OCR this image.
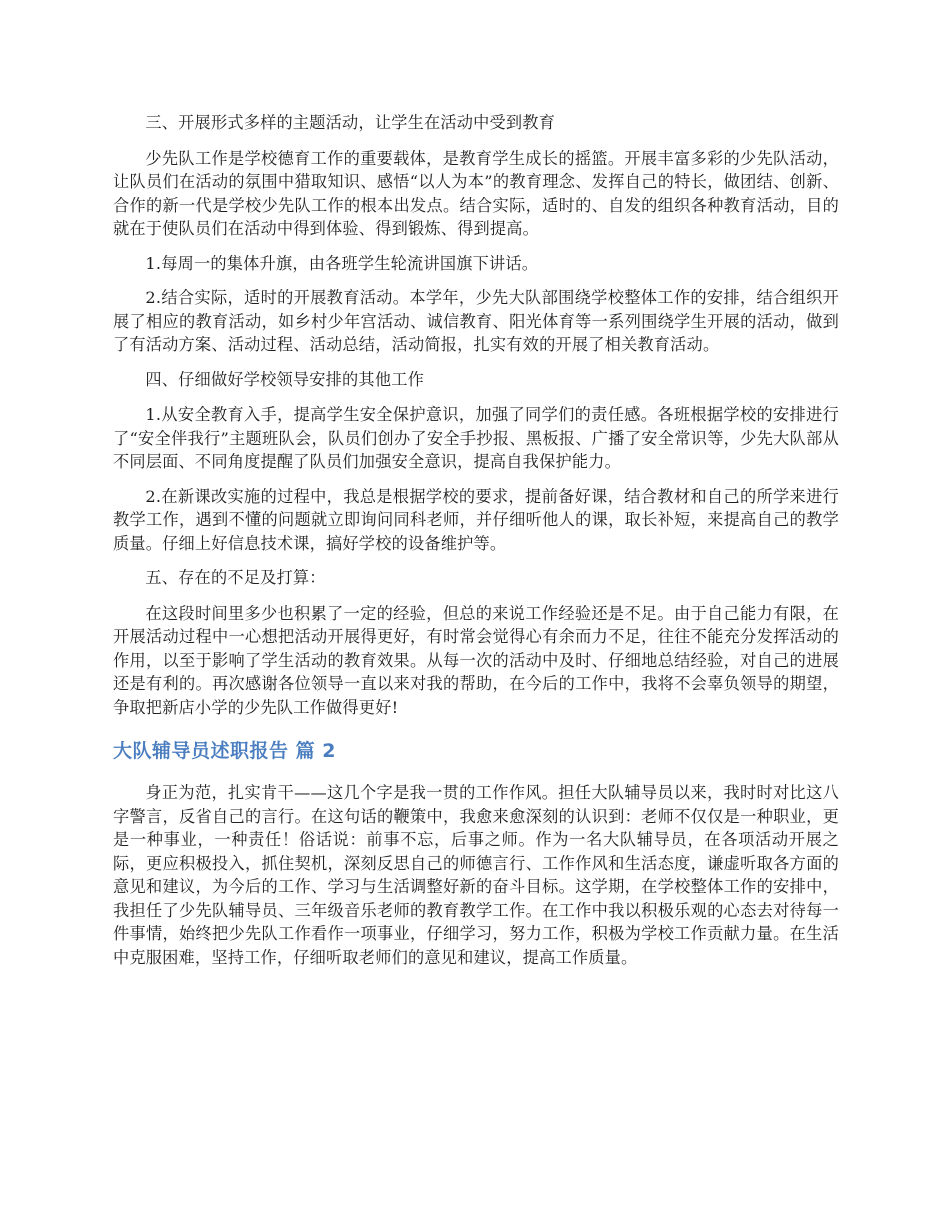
三、开展形式多样的主题活动，让学生在活动中受到教育

少先队工作是学校德育工作的重要载体，是教育学生成长的摇篮。开展丰富多彩的少先队活动，让队员们在活动的氛围中猎取知识、感悟“以人为本”的教育理念、发挥自己的特长，做团结、创新、合作的新一代是学校少先队工作的根本出发点。结合实际，适时的、自发的组织各种教育活动，目的就在于使队员们在活动中得到体验、得到锻炼、得到提高。

1.每周一的集体升旗，由各班学生轮流讲国旗下讲话。

2.结合实际，适时的开展教育活动。本学年，少先大队部围绕学校整体工作的安排，结合组织开展了相应的教育活动，如乡村少年宫活动、诚信教育、阳光体育等一系列围绕学生开展的活动，做到了有活动方案、活动过程、活动总结，活动简报，扎实有效的开展了相关教育活动。

四、仔细做好学校领导安排的其他工作

1.从安全教育入手，提高学生安全保护意识，加强了同学们的责任感。各班根据学校的安排进行了“安全伴我行”主题班队会，队员们创办了安全手抄报、黑板报、广播了安全常识等，少先大队部从不同层面、不同角度提醒了队员们加强安全意识，提高自我保护能力。

2.在新课改实施的过程中，我总是根据学校的要求，提前备好课，结合教材和自己的所学来进行教学工作，遇到不懂的问题就立即询问同科老师，并仔细听他人的课，取长补短，来提高自己的教学质量。仔细上好信息技术课，搞好学校的设备维护等。

五、存在的不足及打算：

在这段时间里多少也积累了一定的经验，但总的来说工作经验还是不足。由于自己能力有限，在开展活动过程中一心想把活动开展得更好，有时常会觉得心有余而力不足，往往不能充分发挥活动的作用，以至于影响了学生活动的教育效果。从每一次的活动中及时、仔细地总结经验，对自己的进展还是有利的。再次感谢各位领导一直以来对我的帮助，在今后的工作中，我将不会辜负领导的期望，争取把新店小学的少先队工作做得更好!

大队辅导员述职报告 篇 2

身正为范，扎实肯干——这几个字是我一贯的工作作风。担任大队辅导员以来，我时时对比这八字警言，反省自己的言行。在这句话的鞭策中，我愈来愈深刻的认识到：老师不仅仅是一种职业，更是一种事业，一种责任！俗话说：前事不忘，后事之师。作为一名大队辅导员，在各项活动开展之际，更应积极投入，抓住契机，深刻反思自己的师德言行、工作作风和生活态度，谦虚听取各方面的意见和建议，为今后的工作、学习与生活调整好新的奋斗目标。这学期，在学校整体工作的安排中，我担任了少先队辅导员、三年级音乐老师的教育教学工作。在工作中我以积极乐观的心态去对待每一件事情，始终把少先队工作看作一项事业，仔细学习，努力工作，积极为学校工作贡献力量。在生活中克服困难，坚持工作，仔细听取老师们的意见和建议，提高工作质量。
